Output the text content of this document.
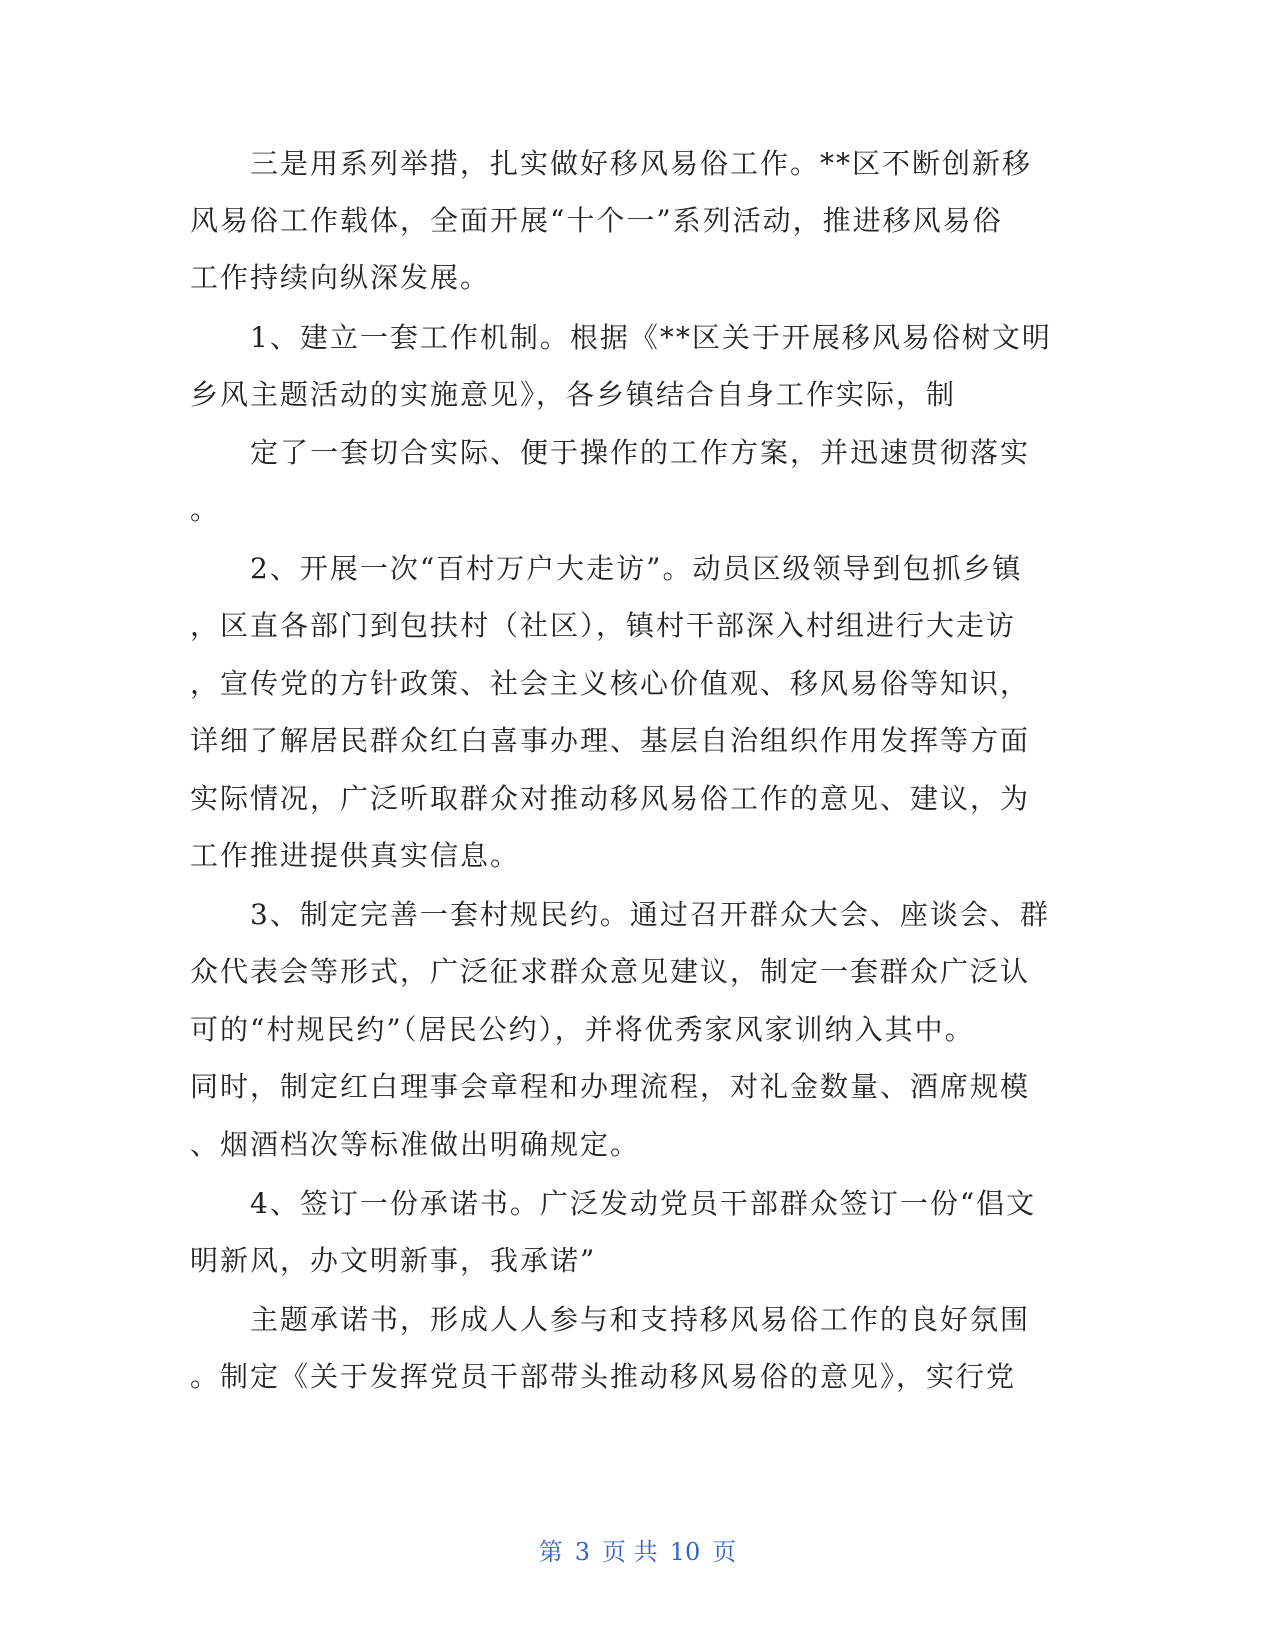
三是用系列举措，扎实做好移风易俗工作。**区不断创新移
风易俗工作载体，全面开展“十个一”系列活动，推进移风易俗
工作持续向纵深发展。
1、建立一套工作机制。根据《**区关于开展移风易俗树文明
乡风主题活动的实施意见》，各乡镇结合自身工作实际，制
定了一套切合实际、便于操作的工作方案，并迅速贯彻落实
。
2、开展一次“百村万户大走访”。动员区级领导到包抓乡镇
，区直各部门到包扶村（社区），镇村干部深入村组进行大走访
，宣传党的方针政策、社会主义核心价值观、移风易俗等知识，
详细了解居民群众红白喜事办理、基层自治组织作用发挥等方面
实际情况，广泛听取群众对推动移风易俗工作的意见、建议，为
工作推进提供真实信息。
3、制定完善一套村规民约。通过召开群众大会、座谈会、群
众代表会等形式，广泛征求群众意见建议，制定一套群众广泛认
可的“村规民约”（居民公约），并将优秀家风家训纳入其中。
同时，制定红白理事会章程和办理流程，对礼金数量、酒席规模
、烟酒档次等标准做出明确规定。
4、签订一份承诺书。广泛发动党员干部群众签订一份“倡文
明新风，办文明新事，我承诺”
主题承诺书，形成人人参与和支持移风易俗工作的良好氛围
。制定《关于发挥党员干部带头推动移风易俗的意见》，实行党
第 3 页 共 10 页
